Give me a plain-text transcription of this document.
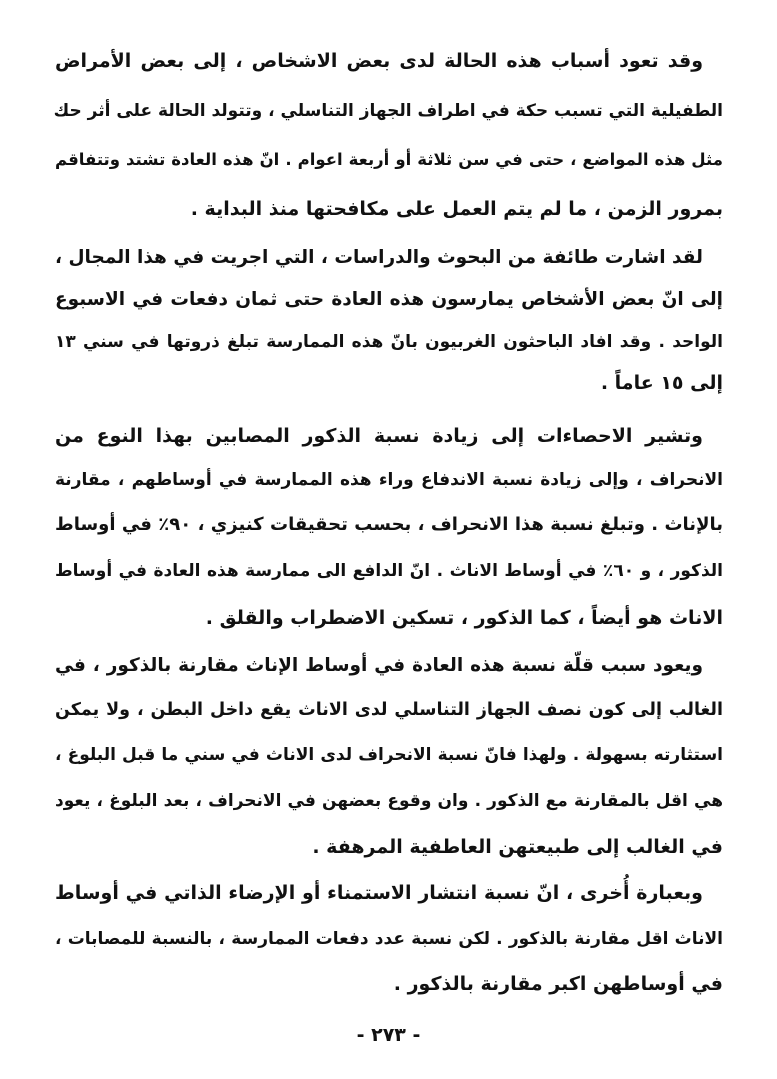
وقد تعود أسباب هذه الحالة لدى بعض الاشخاص ، إلى بعض الأمراض
الطفيلية التي تسبب حكة في اطراف الجهاز التناسلي ، وتتولد الحالة على أثر حك
مثل هذه المواضع ، حتى في سن ثلاثة أو أربعة اعوام . انّ هذه العادة تشتد وتتفاقم
بمرور الزمن ، ما لم يتم العمل على مكافحتها منذ البداية .
لقد اشارت طائفة من البحوث والدراسات ، التي اجريت في هذا المجال ،
إلى انّ بعض الأشخاص يمارسون هذه العادة حتى ثمان دفعات في الاسبوع
الواحد . وقد افاد الباحثون الغربيون بانّ هذه الممارسة تبلغ ذروتها في سني ١٣
إلى ١٥ عاماً .
وتشير الاحصاءات إلى زيادة نسبة الذكور المصابين بهذا النوع من
الانحراف ، وإلى زيادة نسبة الاندفاع وراء هذه الممارسة في أوساطهم ، مقارنة
بالإناث . وتبلغ نسبة هذا الانحراف ، بحسب تحقيقات كنيزي ، ٩٠٪ في أوساط
الذكور ، و ٦٠٪ في أوساط الاناث . انّ الدافع الى ممارسة هذه العادة في أوساط
الاناث هو أيضاً ، كما الذكور ، تسكين الاضطراب والقلق .
ويعود سبب قلّة نسبة هذه العادة في أوساط الإناث مقارنة بالذكور ، في
الغالب إلى كون نصف الجهاز التناسلي لدى الاناث يقع داخل البطن ، ولا يمكن
استثارته بسهولة . ولهذا فانّ نسبة الانحراف لدى الاناث في سني ما قبل البلوغ ،
هي اقل بالمقارنة مع الذكور . وان وقوع بعضهن في الانحراف ، بعد البلوغ ، يعود
في الغالب إلى طبيعتهن العاطفية المرهفة .
وبعبارة أُخرى ، انّ نسبة انتشار الاستمناء أو الإرضاء الذاتي في أوساط
الاناث اقل مقارنة بالذكور . لكن نسبة عدد دفعات الممارسة ، بالنسبة للمصابات ،
في أوساطهن اكبر مقارنة بالذكور .
- ٢٧٣ -
